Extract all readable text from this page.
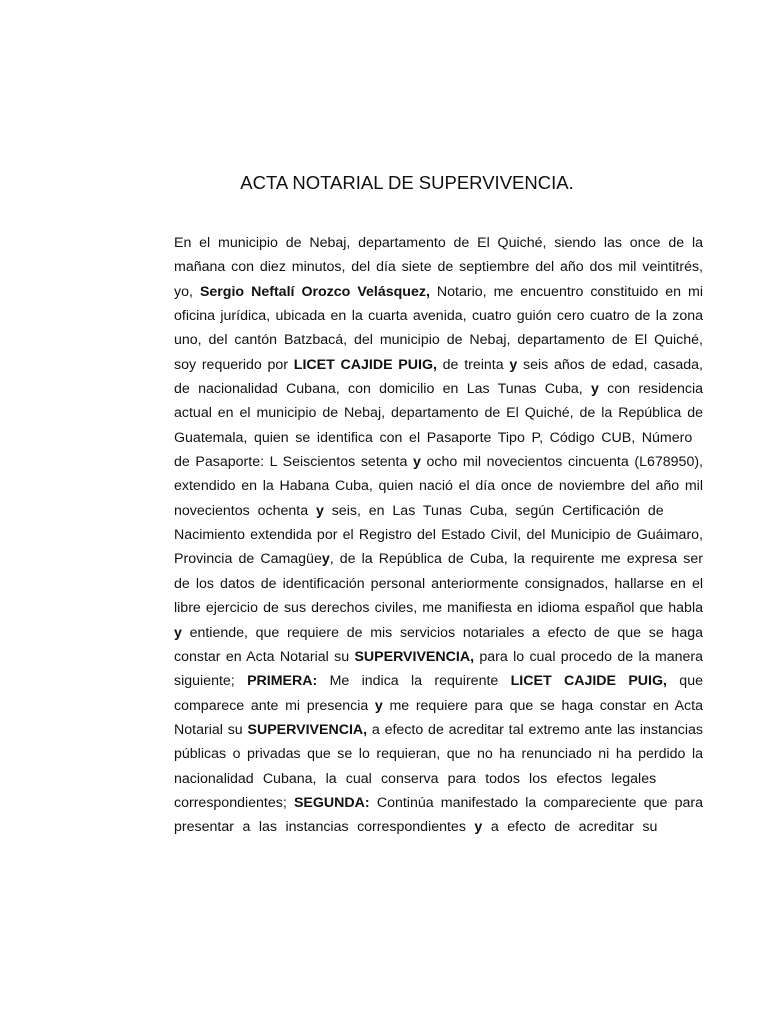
ACTA NOTARIAL DE SUPERVIVENCIA.
En el municipio de Nebaj, departamento de El Quiché, siendo las once de la
mañana con diez minutos, del día siete de septiembre del año dos mil veintitrés,
yo, Sergio Neftalí Orozco Velásquez, Notario, me encuentro constituido en mi
oficina jurídica, ubicada en la cuarta avenida, cuatro guión cero cuatro de la zona
uno, del cantón Batzbacá, del municipio de Nebaj, departamento de El Quiché,
soy requerido por LICET CAJIDE PUIG, de treinta y seis años de edad, casada,
de nacionalidad Cubana, con domicilio en Las Tunas Cuba, y con residencia
actual en el municipio de Nebaj, departamento de El Quiché, de la República de
Guatemala, quien se identifica con el Pasaporte Tipo P, Código CUB, Número
de Pasaporte: L Seiscientos setenta y ocho mil novecientos cincuenta (L678950),
extendido en la Habana Cuba, quien nació el día once de noviembre del año mil
novecientos ochenta y seis, en Las Tunas Cuba, según Certificación de
Nacimiento extendida por el Registro del Estado Civil, del Municipio de Guáimaro,
Provincia de Camagüey, de la República de Cuba, la requirente me expresa ser
de los datos de identificación personal anteriormente consignados, hallarse en el
libre ejercicio de sus derechos civiles, me manifiesta en idioma español que habla
y entiende, que requiere de mis servicios notariales a efecto de que se haga
constar en Acta Notarial su SUPERVIVENCIA, para lo cual procedo de la manera
siguiente; PRIMERA: Me indica la requirente LICET CAJIDE PUIG, que
comparece ante mi presencia y me requiere para que se haga constar en Acta
Notarial su SUPERVIVENCIA, a efecto de acreditar tal extremo ante las instancias
públicas o privadas que se lo requieran, que no ha renunciado ni ha perdido la
nacionalidad Cubana, la cual conserva para todos los efectos legales
correspondientes; SEGUNDA: Continúa manifestado la compareciente que para
presentar a las instancias correspondientes y a efecto de acreditar su
